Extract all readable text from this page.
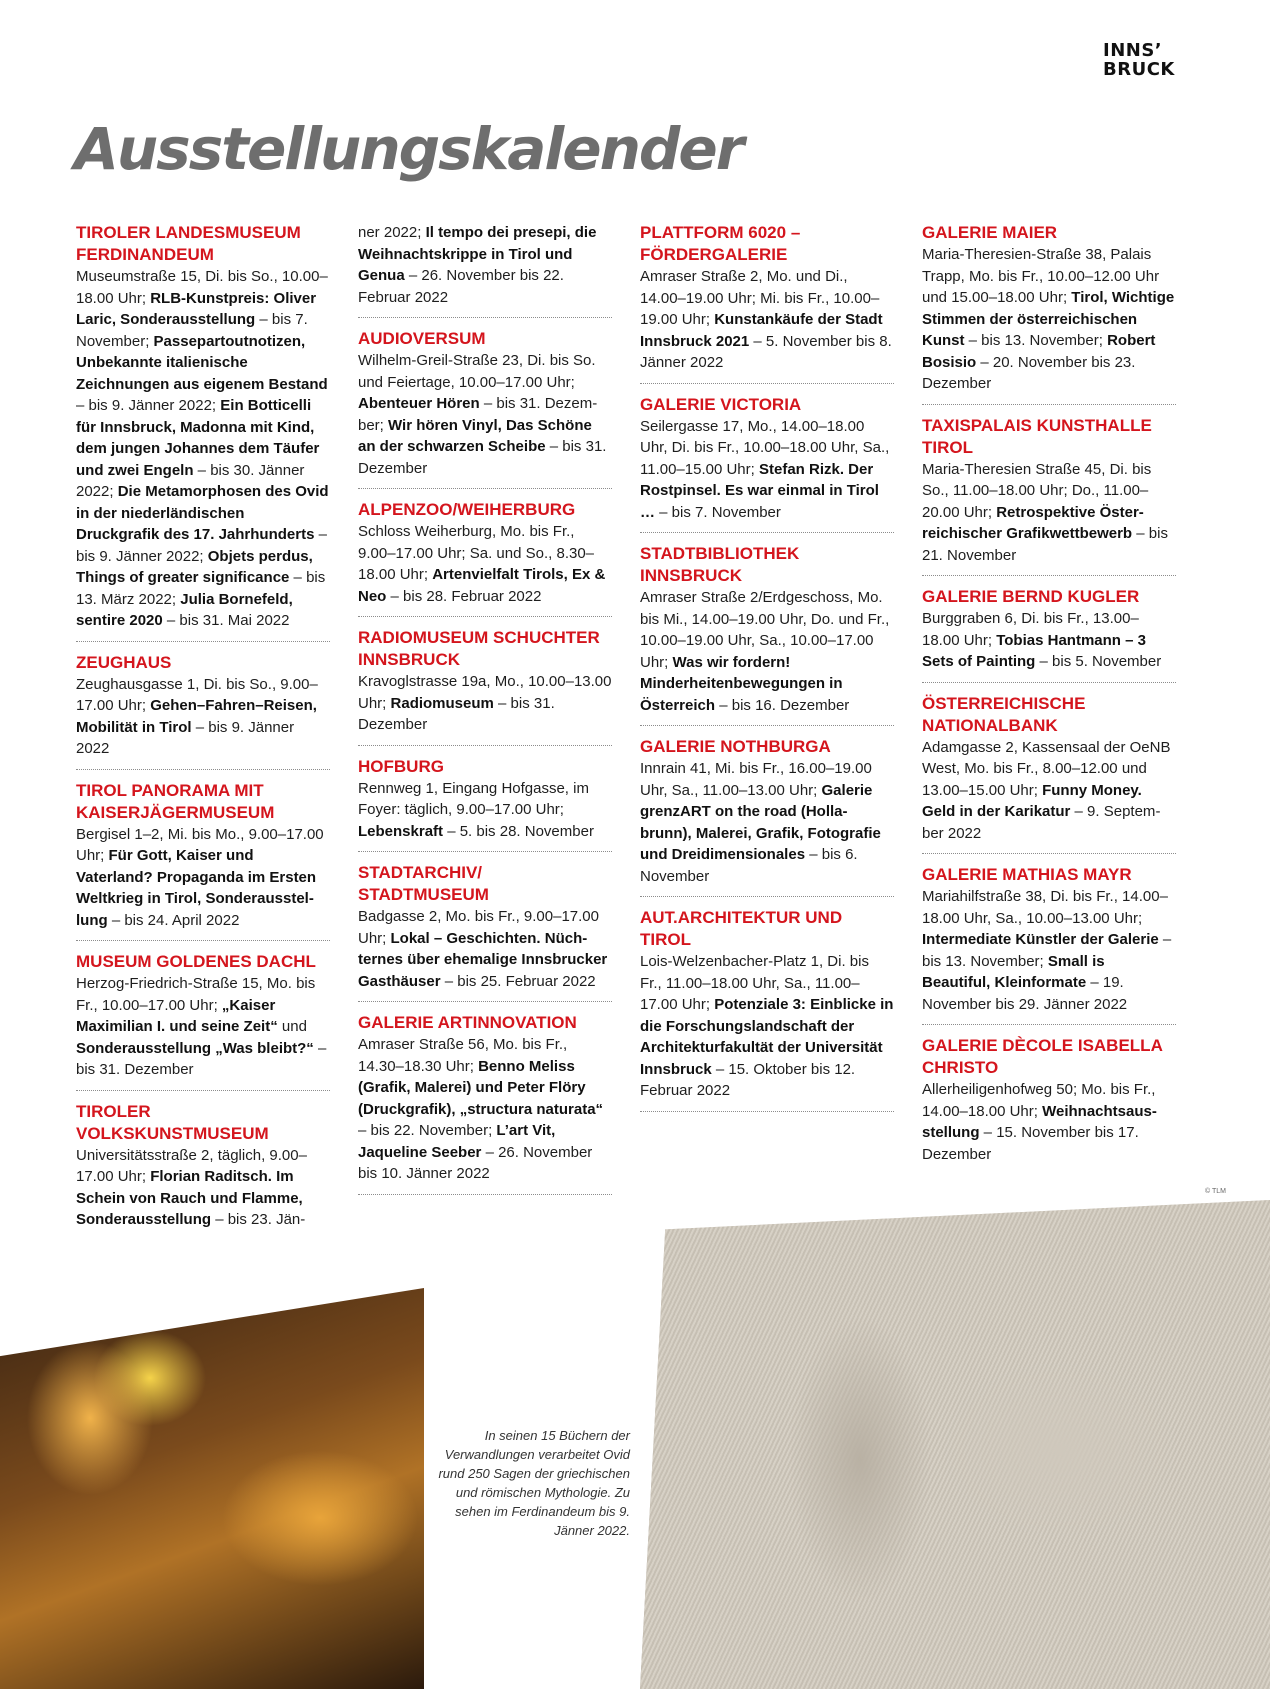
INNS’
BRUCK
Ausstellungskalender
TIROLER LANDESMUSEUM FERDINANDEUM

Museumstraße 15, Di. bis So., 10.00–18.00 Uhr; RLB-Kunstpreis: Oliver Laric, Sonderausstellung – bis 7. November; Passepartoutnotizen, Unbekannte italienische Zeichnungen aus eigenem Bestand – bis 9. Jänner 2022; Ein Botticelli für Innsbruck, Madonna mit Kind, dem jungen Johannes dem Täufer und zwei Engeln – bis 30. Jänner 2022; Die Metamorphosen des Ovid in der niederländischen Druckgrafik des 17. Jahrhunderts – bis 9. Jänner 2022; Objets perdus, Things of greater significance – bis 13. März 2022; Julia Bornefeld, sentire 2020 – bis 31. Mai 2022

ZEUGHAUS

Zeughausgasse 1, Di. bis So., 9.00–17.00 Uhr; Gehen–Fahren–Reisen, Mobilität in Tirol – bis 9. Jänner 2022

TIROL PANORAMA MIT KAISERJÄGERMUSEUM

Bergisel 1–2, Mi. bis Mo., 9.00–17.00 Uhr; Für Gott, Kaiser und Vaterland? Propaganda im Ersten Weltkrieg in Tirol, Sonderausstellung – bis 24. April 2022

MUSEUM GOLDENES DACHL

Herzog-Friedrich-Straße 15, Mo. bis Fr., 10.00–17.00 Uhr; „Kaiser Maximilian I. und seine Zeit“ und Sonderausstellung „Was bleibt?“ – bis 31. Dezember

TIROLER VOLKSKUNSTMUSEUM

Universitätsstraße 2, täglich, 9.00–17.00 Uhr; Florian Raditsch. Im Schein von Rauch und Flamme, Sonderausstellung – bis 23. Jän-

ner 2022; Il tempo dei presepi, die Weihnachtskrippe in Tirol und Genua – 26. November bis 22. Februar 2022

AUDIOVERSUM

Wilhelm-Greil-Straße 23, Di. bis So. und Feiertage, 10.00–17.00 Uhr; Abenteuer Hören – bis 31. Dezember; Wir hören Vinyl, Das Schöne an der schwarzen Scheibe – bis 31. Dezember

ALPENZOO/WEIHERBURG

Schloss Weiherburg, Mo. bis Fr., 9.00–17.00 Uhr; Sa. und So., 8.30–18.00 Uhr; Artenvielfalt Tirols, Ex & Neo – bis 28. Februar 2022

RADIOMUSEUM SCHUCHTER INNSBRUCK

Kravoglstrasse 19a, Mo., 10.00–13.00 Uhr; Radiomuseum – bis 31. Dezember

HOFBURG

Rennweg 1, Eingang Hofgasse, im Foyer: täglich, 9.00–17.00 Uhr; Lebenskraft – 5. bis 28. November

STADTARCHIV/ STADTMUSEUM

Badgasse 2, Mo. bis Fr., 9.00–17.00 Uhr; Lokal – Geschichten. Nüchternes über ehemalige Innsbrucker Gasthäuser – bis 25. Februar 2022

GALERIE ARTINNOVATION

Amraser Straße 56, Mo. bis Fr., 14.30–18.30 Uhr; Benno Meliss (Grafik, Malerei) und Peter Flöry (Druckgrafik), „structura naturata“ – bis 22. November; L’art Vit, Jaqueline Seeber – 26. November bis 10. Jänner 2022

PLATTFORM 6020 – FÖRDERGALERIE

Amraser Straße 2, Mo. und Di., 14.00–19.00 Uhr; Mi. bis Fr., 10.00–19.00 Uhr; Kunstankäufe der Stadt Innsbruck 2021 – 5. November bis 8. Jänner 2022

GALERIE VICTORIA

Seilergasse 17, Mo., 14.00–18.00 Uhr, Di. bis Fr., 10.00–18.00 Uhr, Sa., 11.00–15.00 Uhr; Stefan Rizk. Der Rostpinsel. Es war einmal in Tirol … – bis 7. November

STADTBIBLIOTHEK INNSBRUCK

Amraser Straße 2/Erdgeschoss, Mo. bis Mi., 14.00–19.00 Uhr, Do. und Fr., 10.00–19.00 Uhr, Sa., 10.00–17.00 Uhr; Was wir fordern! Minderheitenbewegungen in Österreich – bis 16. Dezember

GALERIE NOTHBURGA

Innrain 41, Mi. bis Fr., 16.00–19.00 Uhr, Sa., 11.00–13.00 Uhr; Galerie grenzART on the road (Hollabrunn), Malerei, Grafik, Fotografie und Dreidimensionales – bis 6. November

AUT.ARCHITEKTUR UND TIROL

Lois-Welzenbacher-Platz 1, Di. bis Fr., 11.00–18.00 Uhr, Sa., 11.00–17.00 Uhr; Potenziale 3: Einblicke in die Forschungslandschaft der Architekturfakultät der Universität Innsbruck – 15. Oktober bis 12. Februar 2022

GALERIE MAIER

Maria-Theresien-Straße 38, Palais Trapp, Mo. bis Fr., 10.00–12.00 Uhr und 15.00–18.00 Uhr; Tirol, Wichtige Stimmen der österreichischen Kunst – bis 13. November; Robert Bosisio – 20. November bis 23. Dezember

TAXISPALAIS KUNSTHALLE TIROL

Maria-Theresien Straße 45, Di. bis So., 11.00–18.00 Uhr; Do., 11.00–20.00 Uhr; Retrospektive Österreichischer Grafikwettbewerb – bis 21. November

GALERIE BERND KUGLER

Burggraben 6, Di. bis Fr., 13.00–18.00 Uhr; Tobias Hantmann – 3 Sets of Painting – bis 5. November

ÖSTERREICHISCHE NATIONALBANK

Adamgasse 2, Kassensaal der OeNB West, Mo. bis Fr., 8.00–12.00 und 13.00–15.00 Uhr; Funny Money. Geld in der Karikatur – 9. September 2022

GALERIE MATHIAS MAYR

Mariahilfstraße 38, Di. bis Fr., 14.00–18.00 Uhr, Sa., 10.00–13.00 Uhr; Intermediate Künstler der Galerie – bis 13. November; Small is Beautiful, Kleinformate – 19. November bis 29. Jänner 2022

GALERIE DÈCOLE ISABELLA CHRISTO

Allerheiligenhofweg 50; Mo. bis Fr., 14.00–18.00 Uhr; Weihnachtsausstellung – 15. November bis 17. Dezember

© TLM

In seinen 15 Büchern der Verwandlungen verarbeitet Ovid rund 250 Sagen der griechischen und römischen Mythologie. Zu sehen im Ferdinandeum bis 9. Jänner 2022.
